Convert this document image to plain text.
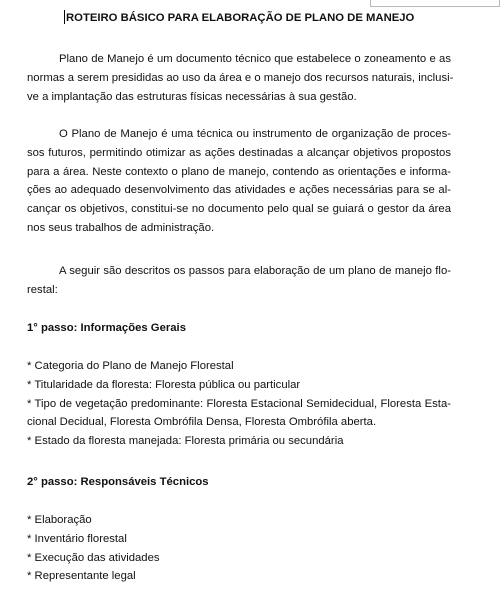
ROTEIRO BÁSICO PARA ELABORAÇÃO DE PLANO DE MANEJO
Plano de Manejo é um documento técnico que estabelece o zoneamento e as
normas a serem presididas ao uso da área e o manejo dos recursos naturais, inclusi-
ve a implantação das estruturas físicas necessárias à sua gestão.
O Plano de Manejo é uma técnica ou instrumento de organização de proces-
sos futuros, permitindo otimizar as ações destinadas a alcançar objetivos propostos
para a área. Neste contexto o plano de manejo, contendo as orientações e informa-
ções ao adequado desenvolvimento das atividades e ações necessárias para se al-
cançar os objetivos, constitui-se no documento pelo qual se guiará o gestor da área
nos seus trabalhos de administração.
A seguir são descritos os passos para elaboração de um plano de manejo flo-
restal:
1° passo: Informações Gerais
* Categoria do Plano de Manejo Florestal
* Titularidade da floresta: Floresta pública ou particular
* Tipo de vegetação predominante: Floresta Estacional Semidecidual, Floresta Esta-
cional Decidual, Floresta Ombrófila Densa, Floresta Ombrófila aberta.
* Estado da floresta manejada: Floresta primária ou secundária
2° passo: Responsáveis Técnicos
* Elaboração
* Inventário florestal
* Execução das atividades
* Representante legal
